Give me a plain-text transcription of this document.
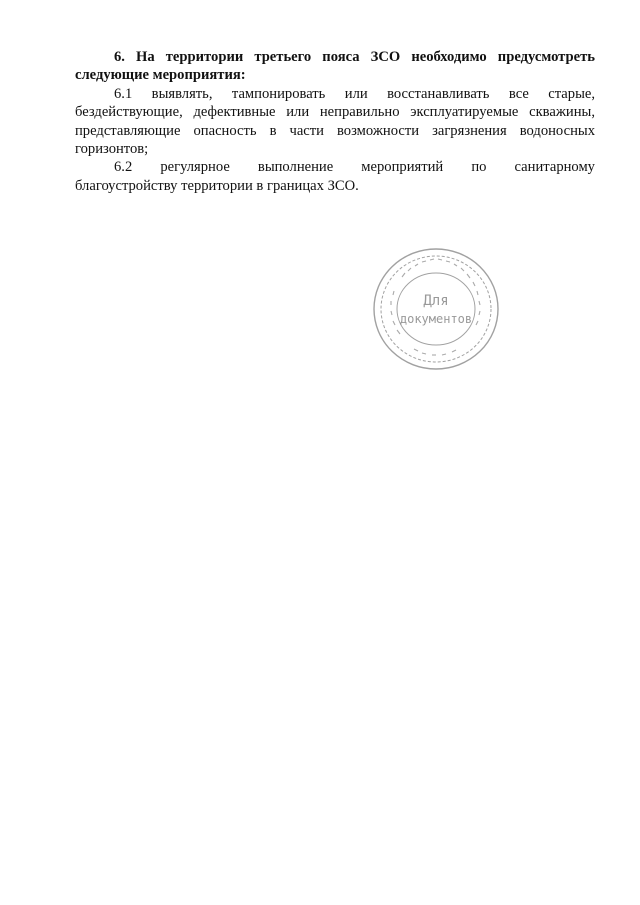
6. На территории третьего пояса ЗСО необходимо предусмотреть

следующие мероприятия:

6.1 выявлять, тампонировать или восстанавливать все старые,

бездействующие, дефективные или неправильно эксплуатируемые скважины,

представляющие опасность в части возможности загрязнения водоносных

горизонтов;

6.2 регулярное выполнение мероприятий по санитарному

благоустройству территории в границах ЗСО.

Для
документов
